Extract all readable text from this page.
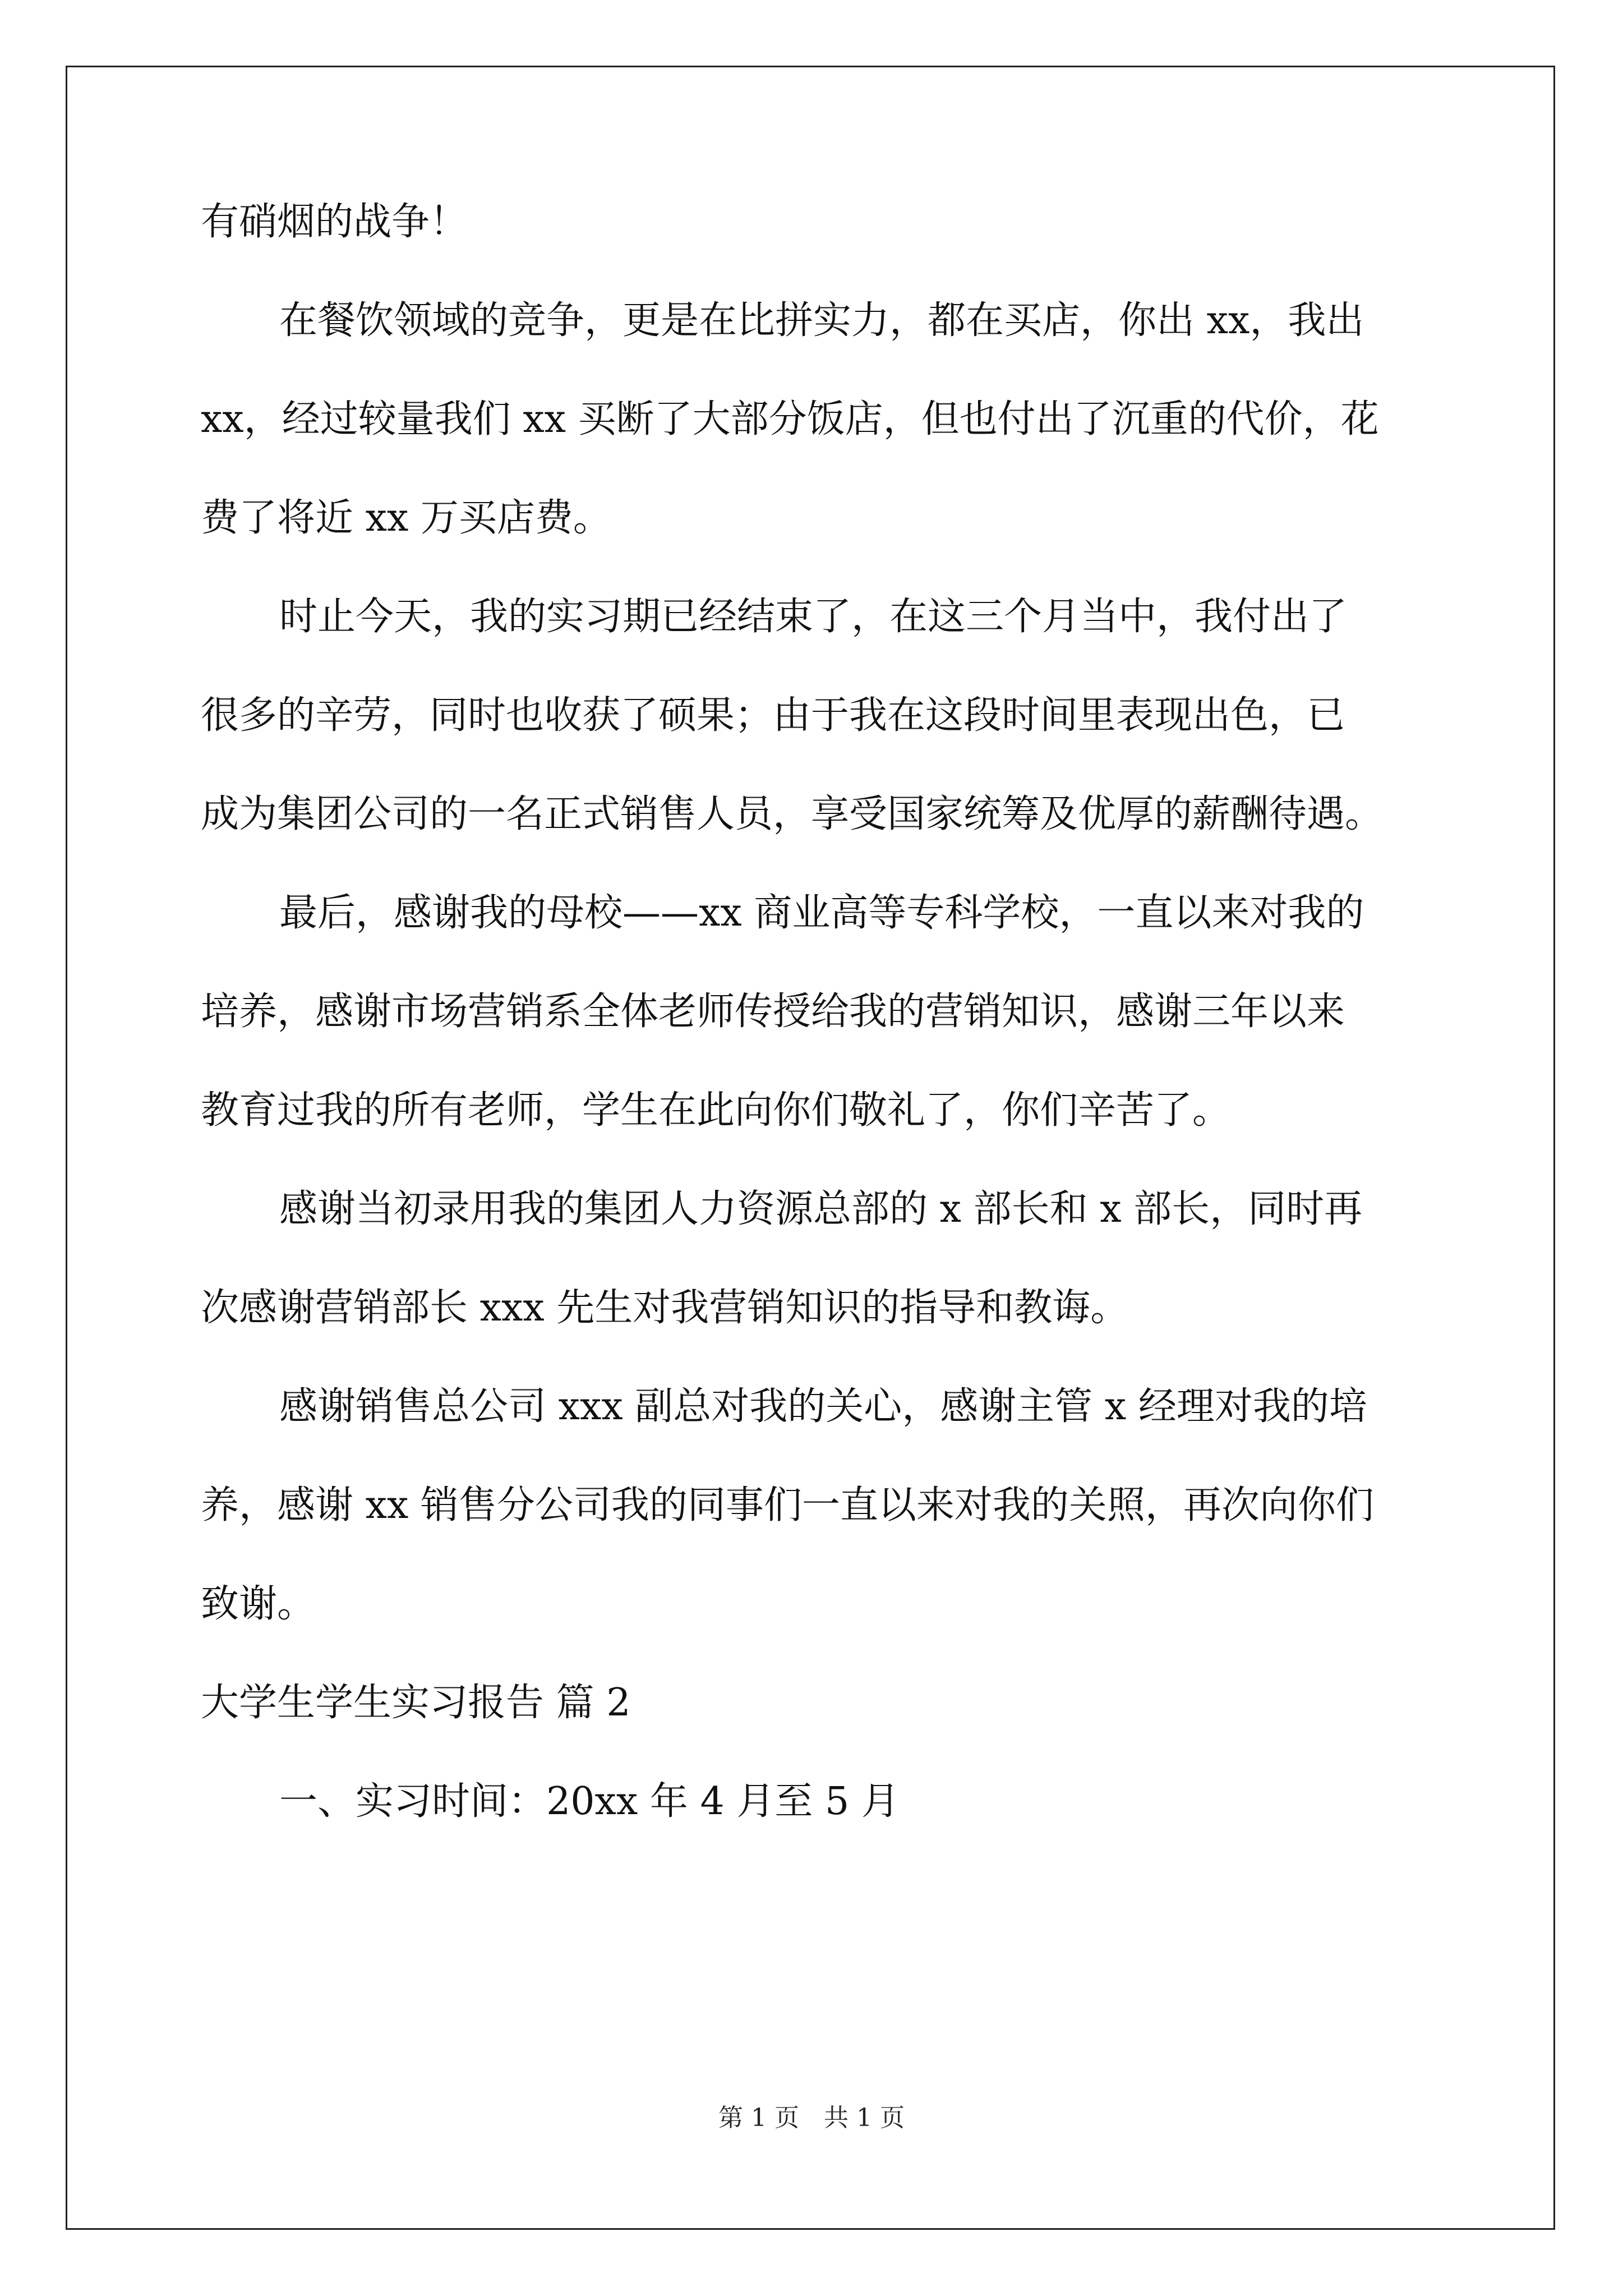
有硝烟的战争！

在餐饮领域的竞争，更是在比拼实力，都在买店，你出 xx，我出

xx，经过较量我们 xx 买断了大部分饭店，但也付出了沉重的代价，花

费了将近 xx 万买店费。

时止今天，我的实习期已经结束了，在这三个月当中，我付出了

很多的辛劳，同时也收获了硕果；由于我在这段时间里表现出色，已

成为集团公司的一名正式销售人员，享受国家统筹及优厚的薪酬待遇。

最后，感谢我的母校——xx 商业高等专科学校，一直以来对我的

培养，感谢市场营销系全体老师传授给我的营销知识，感谢三年以来

教育过我的所有老师，学生在此向你们敬礼了，你们辛苦了。

感谢当初录用我的集团人力资源总部的 x 部长和 x 部长，同时再

次感谢营销部长 xxx 先生对我营销知识的指导和教诲。

感谢销售总公司 xxx 副总对我的关心，感谢主管 x 经理对我的培

养，感谢 xx 销售分公司我的同事们一直以来对我的关照，再次向你们

致谢。

大学生学生实习报告 篇 2

一、实习时间：20xx 年 4 月至 5 月

第 1 页　共 1 页
